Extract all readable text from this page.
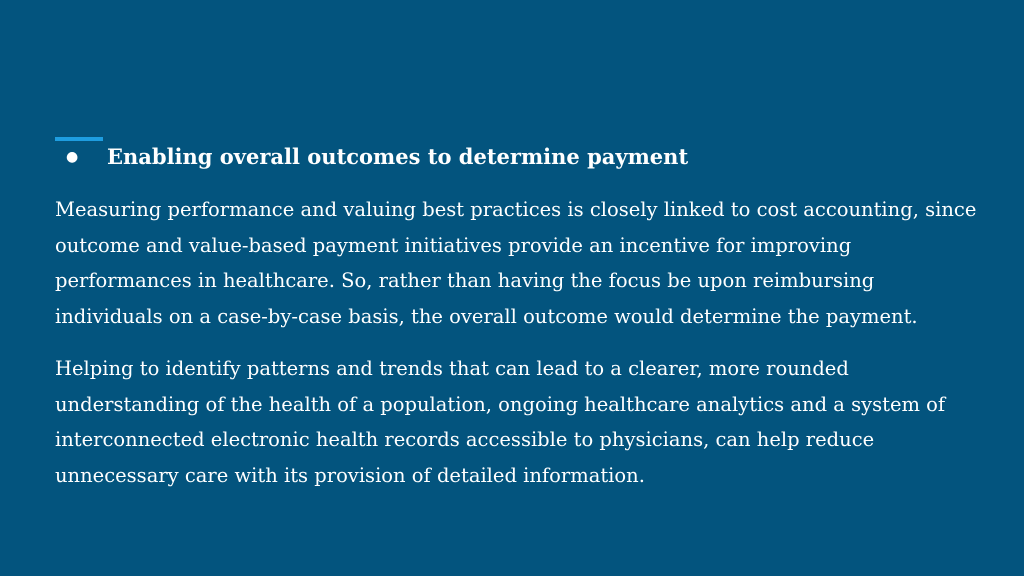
●	Enabling overall outcomes to determine payment

Measuring performance and valuing best practices is closely linked to cost accounting, since outcome and value-based payment initiatives provide an incentive for improving performances in healthcare. So, rather than having the focus be upon reimbursing individuals on a case-by-case basis, the overall outcome would determine the payment.

Helping to identify patterns and trends that can lead to a clearer, more rounded understanding of the health of a population, ongoing healthcare analytics and a system of interconnected electronic health records accessible to physicians, can help reduce unnecessary care with its provision of detailed information.
